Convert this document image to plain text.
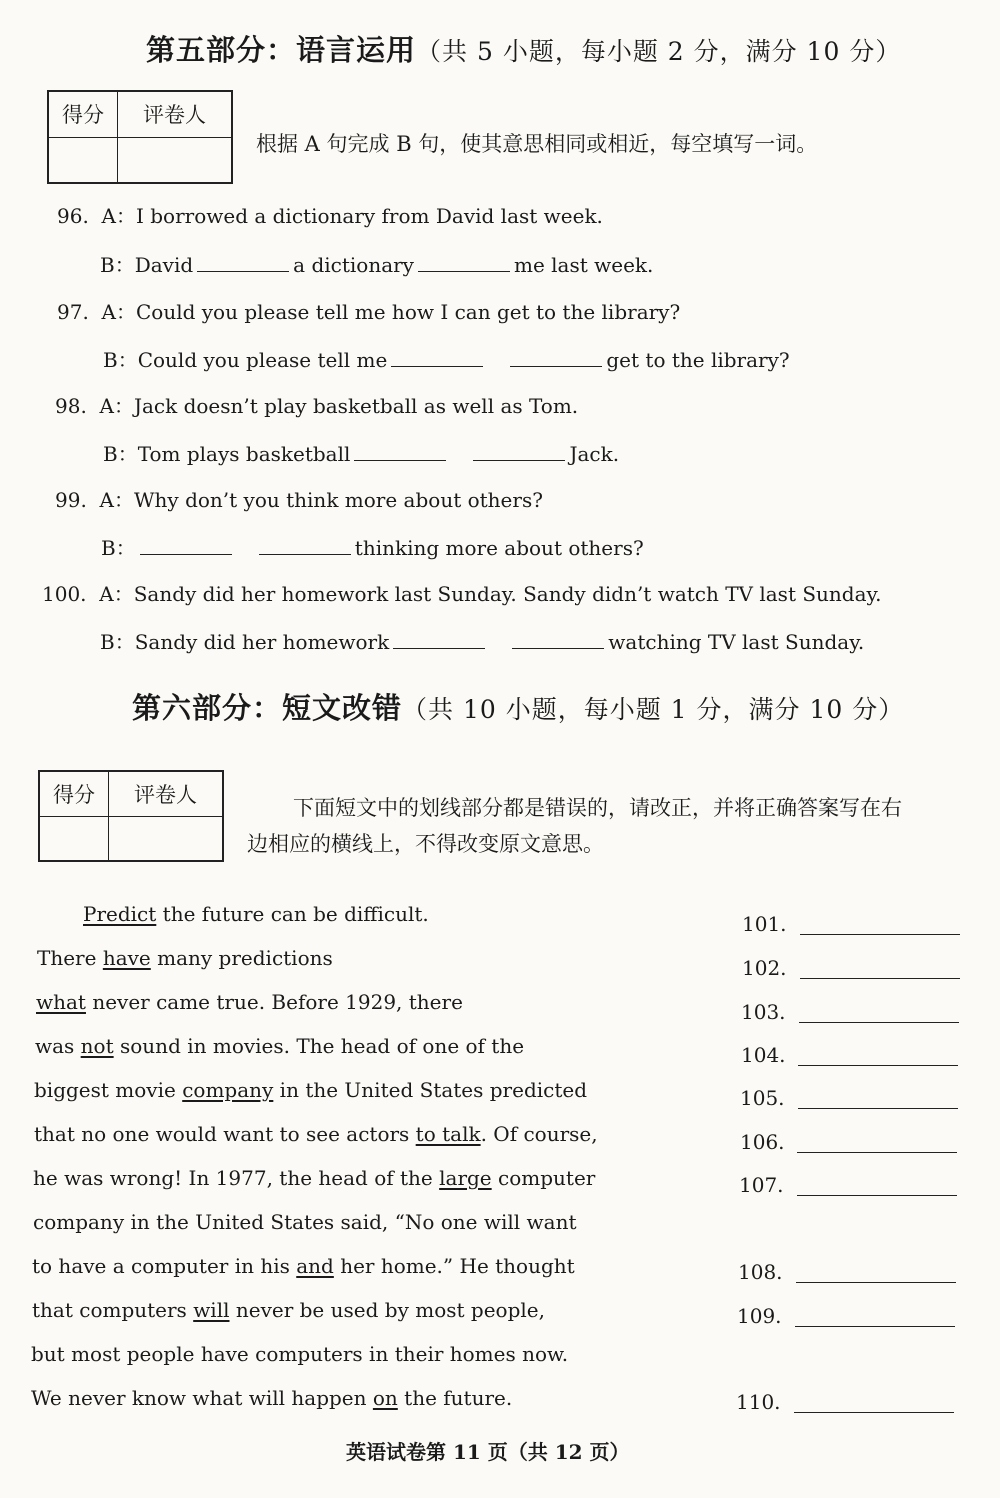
第五部分：语言运用（共 5 小题，每小题 2 分，满分 10 分）
得分	评卷人

根据 A 句完成 B 句，使其意思相同或相近，每空填写一词。
96. A：I borrowed a dictionary from David last week.
B：David	a dictionary	me last week.
97. A：Could you please tell me how I can get to the library?
B：Could you please tell me	get to the library?
98. A：Jack doesn’t play basketball as well as Tom.
B：Tom plays basketball	Jack.
99. A：Why don’t you think more about others?
B：	thinking more about others?
100. A：Sandy did her homework last Sunday. Sandy didn’t watch TV last Sunday.
B：Sandy did her homework	watching TV last Sunday.
第六部分：短文改错（共 10 小题，每小题 1 分，满分 10 分）
得分	评卷人

下面短文中的划线部分都是错误的，请改正，并将正确答案写在右
边相应的横线上，不得改变原文意思。
Predict the future can be difficult.
There have many predictions
what never came true. Before 1929, there
was not sound in movies. The head of one of the
biggest movie company in the United States predicted
that no one would want to see actors to talk. Of course,
he was wrong! In 1977, the head of the large computer
company in the United States said, “No one will want
to have a computer in his and her home.” He thought
that computers will never be used by most people,
but most people have computers in their homes now.
We never know what will happen on the future.
101.
102.
103.
104.
105.
106.
107.
108.
109.
110.
英语试卷第 11 页（共 12 页）
